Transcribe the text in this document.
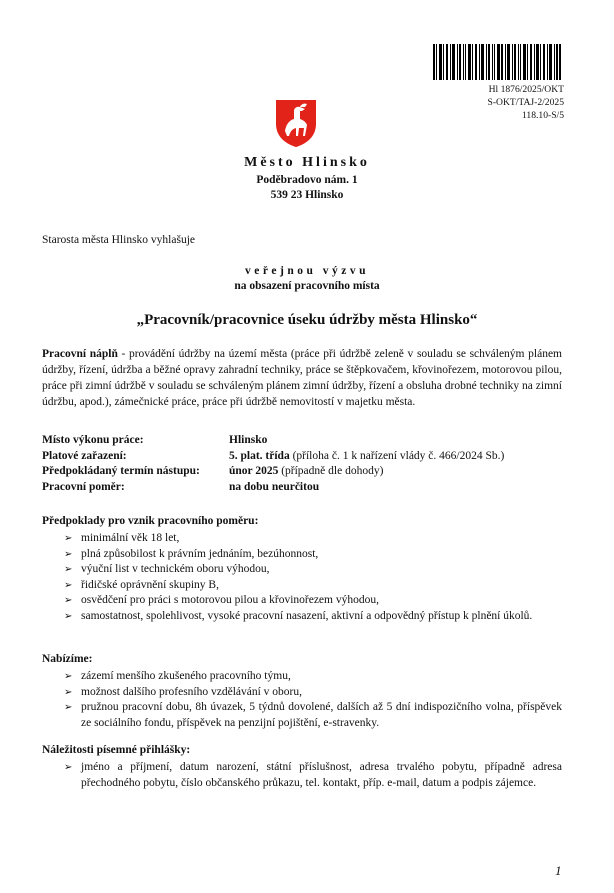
Hl 1876/2025/OKT
S-OKT/TAJ-2/2025
118.10-S/5
Město Hlinsko
Poděbradovo nám. 1
539 23 Hlinsko
Starosta města Hlinsko vyhlašuje
veřejnou výzvu
na obsazení pracovního místa
„Pracovník/pracovnice úseku údržby města Hlinsko“

Pracovní náplň - provádění údržby na území města (práce při údržbě zeleně v souladu se schváleným plánem údržby, řízení, údržba a běžné opravy zahradní techniky, práce se štěpkovačem, křovinořezem, motorovou pilou, práce při zimní údržbě v souladu se schváleným plánem zimní údržby, řízení a obsluha drobné techniky na zimní údržbu, apod.), zámečnické práce, práce při údržbě nemovitostí v majetku města.

Místo výkonu práce:	Hlinsko
Platové zařazení:	5. plat. třída (příloha č. 1 k nařízení vlády č. 466/2024 Sb.)
Předpokládaný termín nástupu:	únor 2025 (případně dle dohody)
Pracovní poměr:	na dobu neurčitou
Předpoklady pro vznik pracovního poměru:
➢ minimální věk 18 let,
➢ plná způsobilost k právním jednáním, bezúhonnost,
➢ výuční list v technickém oboru výhodou,
➢ řidičské oprávnění skupiny B,
➢ osvědčení pro práci s motorovou pilou a křovinořezem výhodou,
➢ samostatnost, spolehlivost, vysoké pracovní nasazení, aktivní a odpovědný přístup k plnění úkolů.
Nabízíme:
➢ zázemí menšího zkušeného pracovního týmu,
➢ možnost dalšího profesního vzdělávání v oboru,
➢ pružnou pracovní dobu, 8h úvazek, 5 týdnů dovolené, dalších až 5 dní indispozičního volna, příspěvek ze sociálního fondu, příspěvek na penzijní pojištění, e-stravenky.
Náležitosti písemné přihlášky:
➢ jméno a příjmení, datum narození, státní příslušnost, adresa trvalého pobytu, případně adresa přechodného pobytu, číslo občanského průkazu, tel. kontakt, příp. e-mail, datum a podpis zájemce.
1
